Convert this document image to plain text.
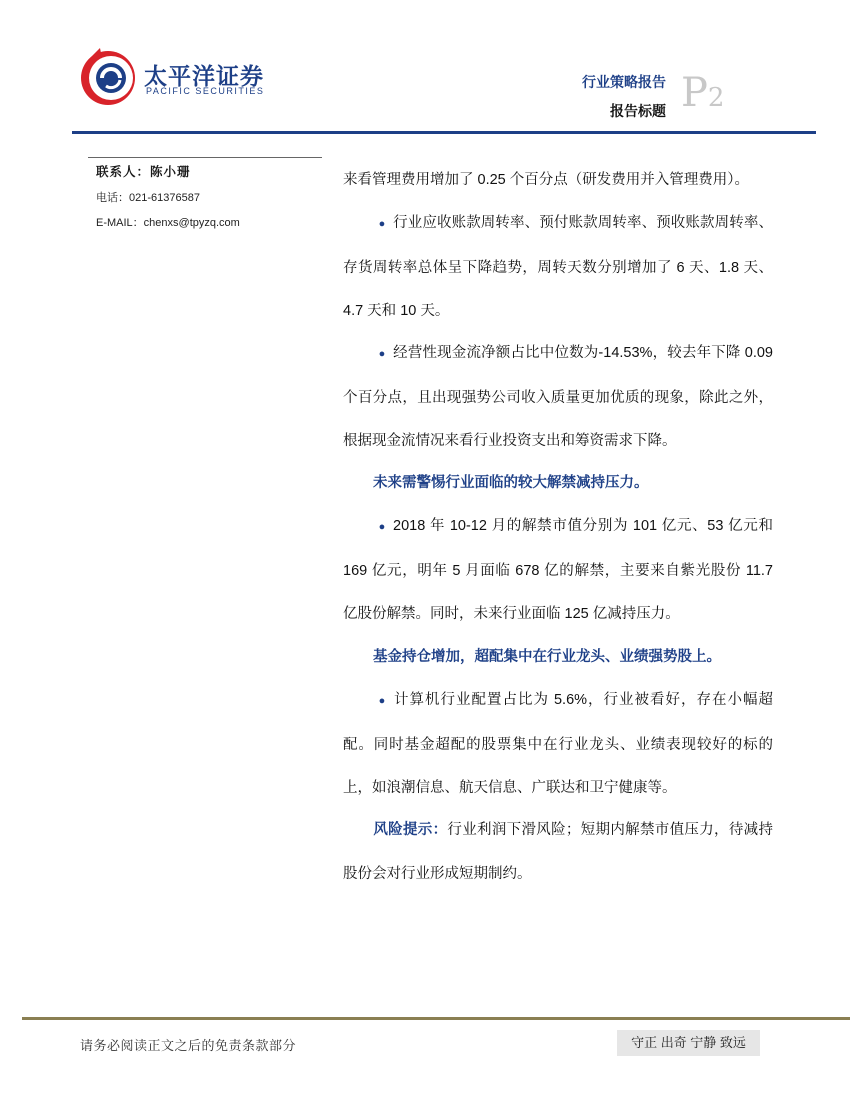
太平洋证券
PACIFIC SECURITIES
行业策略报告
报告标题 P2
联系人：陈小珊
电话：021-61376587
E-MAIL：chenxs@tpyzq.com
来看管理费用增加了 0.25 个百分点（研发费用并入管理费用）。
● 行业应收账款周转率、预付账款周转率、预收账款周转率、存货周转率总体呈下降趋势，周转天数分别增加了 6 天、1.8 天、4.7 天和 10 天。
● 经营性现金流净额占比中位数为-14.53%，较去年下降 0.09 个百分点，且出现强势公司收入质量更加优质的现象，除此之外，根据现金流情况来看行业投资支出和筹资需求下降。
未来需警惕行业面临的较大解禁减持压力。
● 2018 年 10-12 月的解禁市值分别为 101 亿元、53 亿元和 169 亿元，明年 5 月面临 678 亿的解禁，主要来自紫光股份 11.7 亿股份解禁。同时，未来行业面临 125 亿减持压力。
基金持仓增加，超配集中在行业龙头、业绩强势股上。
● 计算机行业配置占比为 5.6%，行业被看好，存在小幅超配。同时基金超配的股票集中在行业龙头、业绩表现较好的标的上，如浪潮信息、航天信息、广联达和卫宁健康等。
风险提示：行业利润下滑风险；短期内解禁市值压力，待减持股份会对行业形成短期制约。
请务必阅读正文之后的免责条款部分	守正 出奇 宁静 致远
